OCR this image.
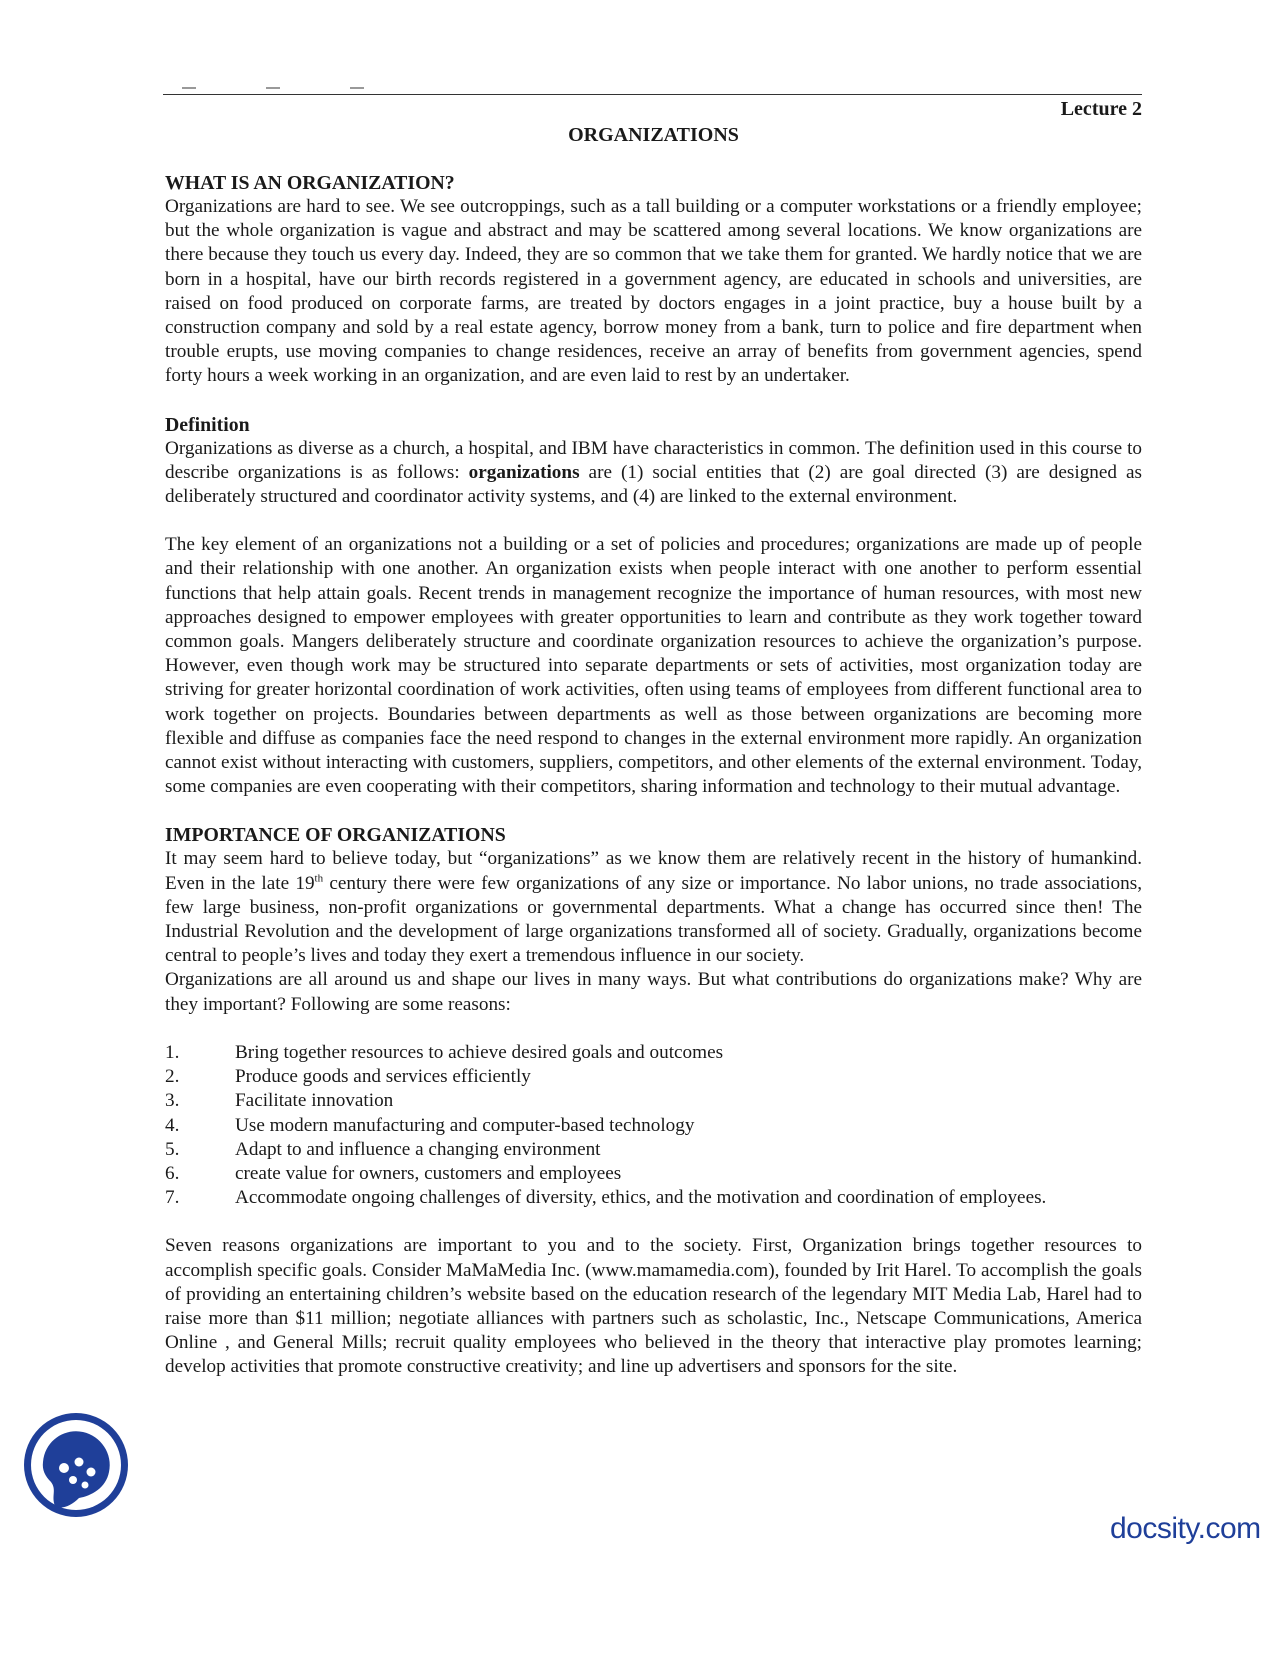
Lecture 2
ORGANIZATIONS
WHAT IS AN ORGANIZATION?

Organizations are hard to see. We see outcroppings, such as a tall building or a computer workstations or a friendly employee; but the whole organization is vague and abstract and may be scattered among several locations. We know organizations are there because they touch us every day. Indeed, they are so common that we take them for granted. We hardly notice that we are born in a hospital, have our birth records registered in a government agency, are educated in schools and universities, are raised on food produced on corporate farms, are treated by doctors engages in a joint practice, buy a house built by a construction company and sold by a real estate agency, borrow money from a bank, turn to police and fire department when trouble erupts, use moving companies to change residences, receive an array of benefits from government agencies, spend forty hours a week working in an organization, and are even laid to rest by an undertaker.

Definition

Organizations as diverse as a church, a hospital, and IBM have characteristics in common. The definition used in this course to describe organizations is as follows: organizations are (1) social entities that (2) are goal directed (3) are designed as deliberately structured and coordinator activity systems, and (4) are linked to the external environment.

The key element of an organizations not a building or a set of policies and procedures; organizations are made up of people and their relationship with one another. An organization exists when people interact with one another to perform essential functions that help attain goals. Recent trends in management recognize the importance of human resources, with most new approaches designed to empower employees with greater opportunities to learn and contribute as they work together toward common goals. Mangers deliberately structure and coordinate organization resources to achieve the organization’s purpose. However, even though work may be structured into separate departments or sets of activities, most organization today are striving for greater horizontal coordination of work activities, often using teams of employees from different functional area to work together on projects. Boundaries between departments as well as those between organizations are becoming more flexible and diffuse as companies face the need respond to changes in the external environment more rapidly. An organization cannot exist without interacting with customers, suppliers, competitors, and other elements of the external environment. Today, some companies are even cooperating with their competitors, sharing information and technology to their mutual advantage.

IMPORTANCE OF ORGANIZATIONS

It may seem hard to believe today, but “organizations” as we know them are relatively recent in the history of humankind. Even in the late 19th century there were few organizations of any size or importance. No labor unions, no trade associations, few large business, non-profit organizations or governmental departments. What a change has occurred since then! The Industrial Revolution and the development of large organizations transformed all of society. Gradually, organizations become central to people’s lives and today they exert a tremendous influence in our society.

Organizations are all around us and shape our lives in many ways. But what contributions do organizations make? Why are they important? Following are some reasons:

1.	Bring together resources to achieve desired goals and outcomes
2.	Produce goods and services efficiently
3.	Facilitate innovation
4.	Use modern manufacturing and computer-based technology
5.	Adapt to and influence a changing environment
6.	create value for owners, customers and employees
7.	Accommodate ongoing challenges of diversity, ethics, and the motivation and coordination of employees.

Seven reasons organizations are important to you and to the society. First, Organization brings together resources to accomplish specific goals. Consider MaMaMedia Inc. (www.mamamedia.com), founded by Irit Harel. To accomplish the goals of providing an entertaining children’s website based on the education research of the legendary MIT Media Lab, Harel had to raise more than $11 million; negotiate alliances with partners such as scholastic, Inc., Netscape Communications, America Online , and General Mills; recruit quality employees who believed in the theory that interactive play promotes learning; develop activities that promote constructive creativity; and line up advertisers and sponsors for the site.

docsity.com
